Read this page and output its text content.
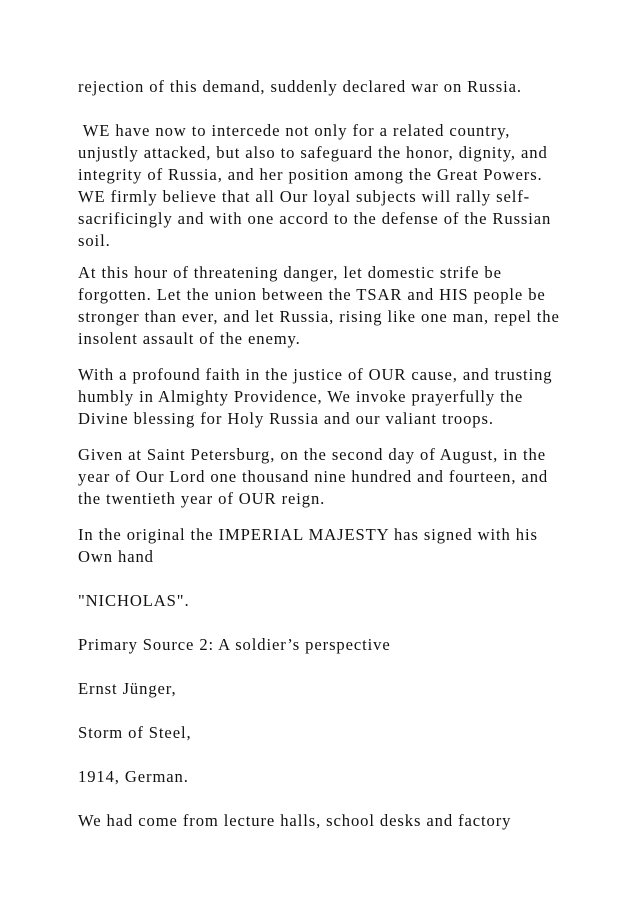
rejection of this demand, suddenly declared war on Russia.
WE have now to intercede not only for a related country,
unjustly attacked, but also to safeguard the honor, dignity, and
integrity of Russia, and her position among the Great Powers.
WE firmly believe that all Our loyal subjects will rally self-
sacrificingly and with one accord to the defense of the Russian
soil.
At this hour of threatening danger, let domestic strife be
forgotten. Let the union between the TSAR and HIS people be
stronger than ever, and let Russia, rising like one man, repel the
insolent assault of the enemy.
With a profound faith in the justice of OUR cause, and trusting
humbly in Almighty Providence, We invoke prayerfully the
Divine blessing for Holy Russia and our valiant troops.
Given at Saint Petersburg, on the second day of August, in the
year of Our Lord one thousand nine hundred and fourteen, and
the twentieth year of OUR reign.
In the original the IMPERIAL MAJESTY has signed with his
Own hand
"NICHOLAS".
Primary Source 2: A soldier’s perspective
Ernst Jünger,
Storm of Steel,
1914, German.
We had come from lecture halls, school desks and factory
